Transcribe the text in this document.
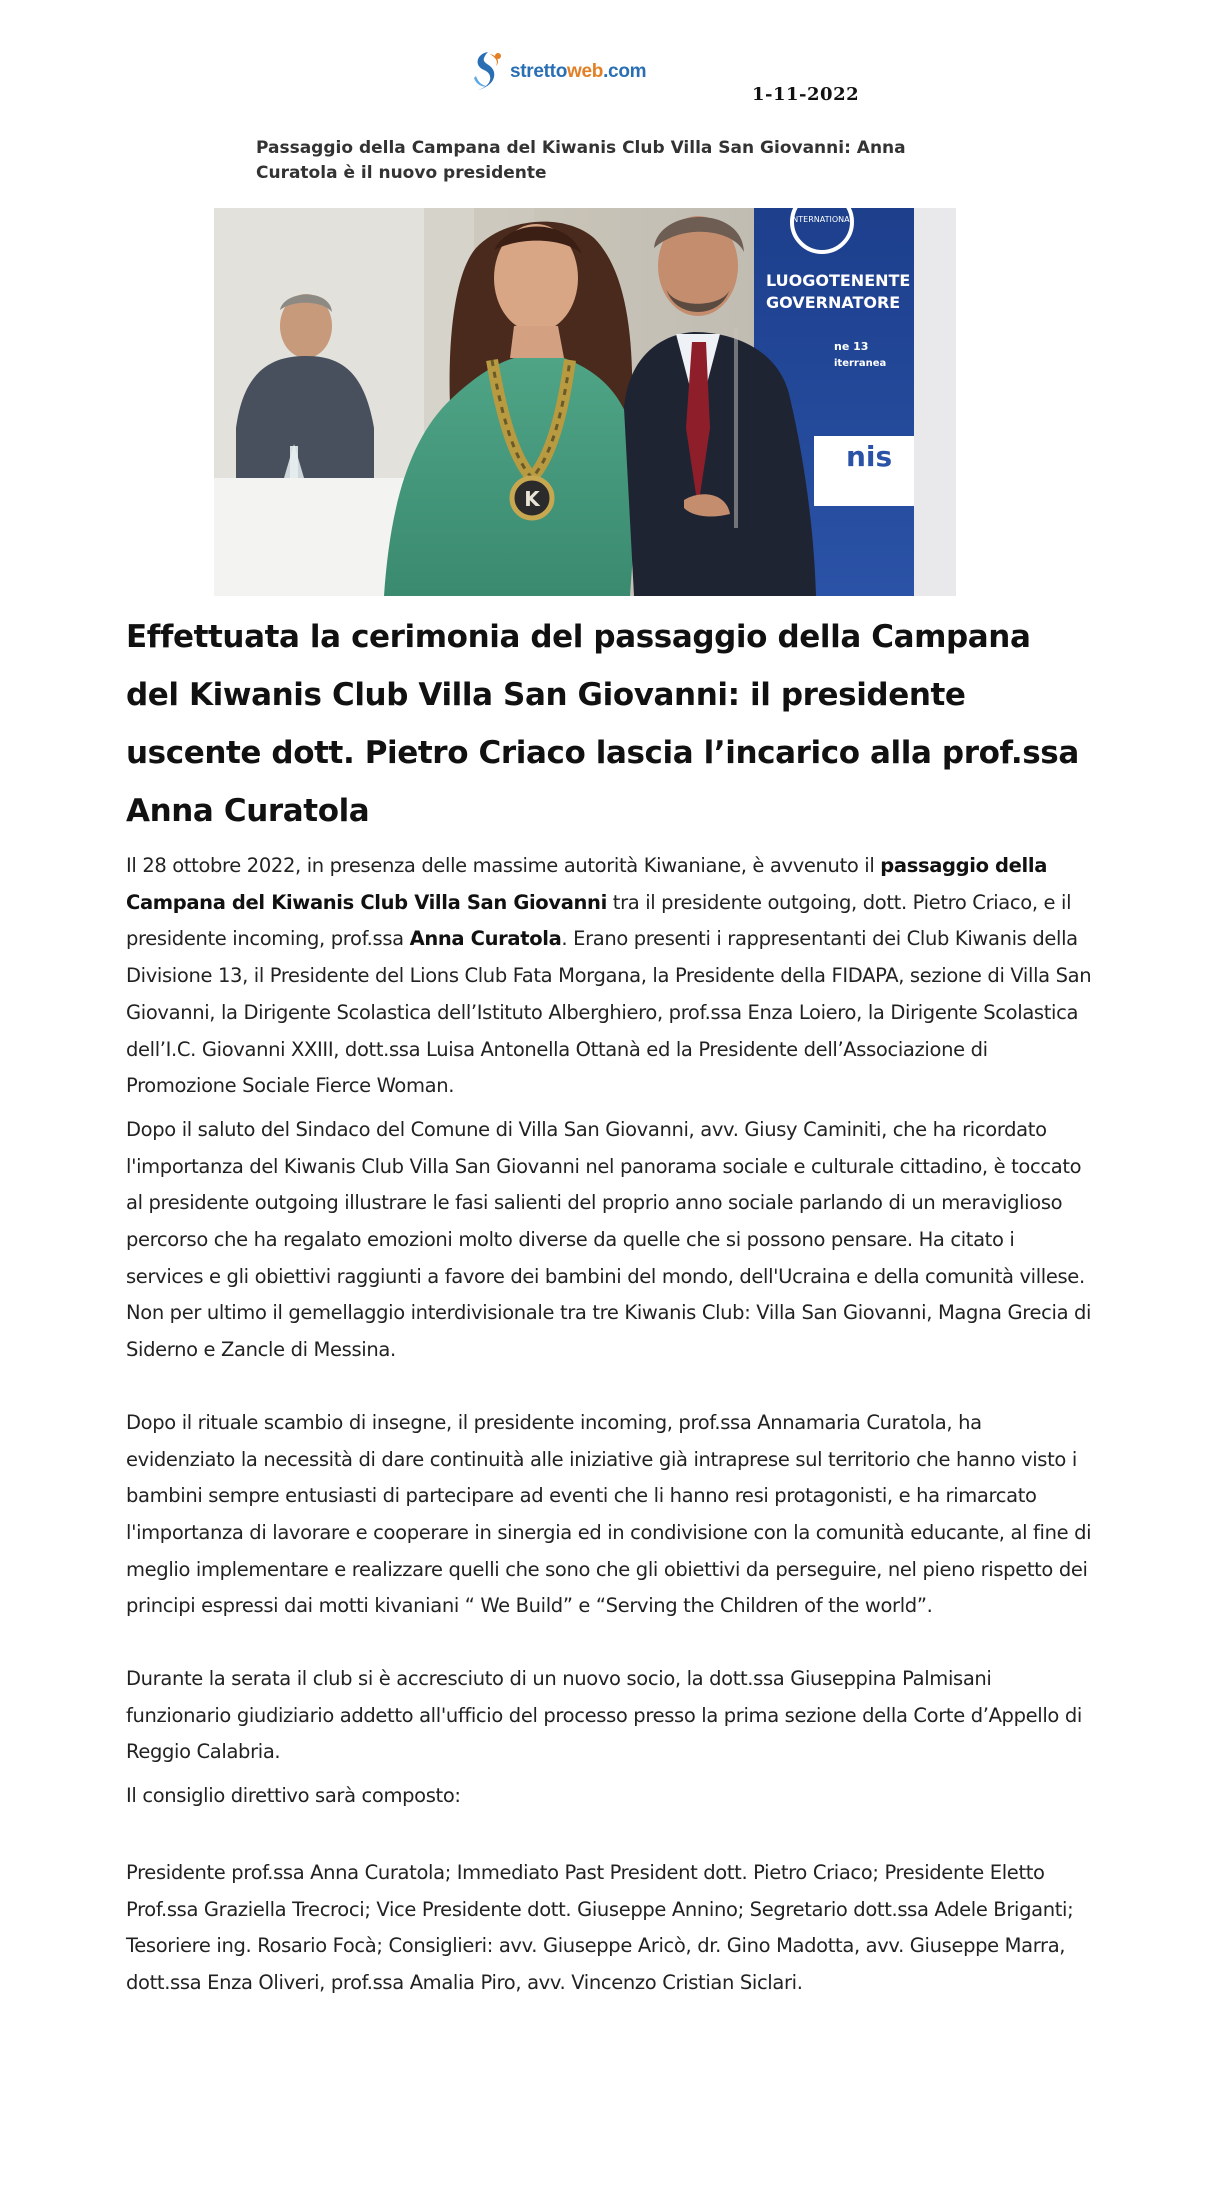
strettoweb.com
1-11-2022
Passaggio della Campana del Kiwanis Club Villa San Giovanni: Anna Curatola è il nuovo presidente
INTERNATIONAL
LUOGOTENENTE
GOVERNATORE
ne 13
iterranea
nis
K
Effettuata la cerimonia del passaggio della Campana del Kiwanis Club Villa San Giovanni: il presidente uscente dott. Pietro Criaco lascia l’incarico alla prof.ssa Anna Curatola

Il 28 ottobre 2022, in presenza delle massime autorità Kiwaniane, è avvenuto il passaggio della Campana del Kiwanis Club Villa San Giovanni tra il presidente outgoing, dott. Pietro Criaco, e il presidente incoming, prof.ssa Anna Curatola. Erano presenti i rappresentanti dei Club Kiwanis della Divisione 13, il Presidente del Lions Club Fata Morgana, la Presidente della FIDAPA, sezione di Villa San Giovanni, la Dirigente Scolastica dell’Istituto Alberghiero, prof.ssa Enza Loiero, la Dirigente Scolastica dell’I.C. Giovanni XXIII, dott.ssa Luisa Antonella Ottanà ed la Presidente dell’Associazione di Promozione Sociale Fierce Woman.

Dopo il saluto del Sindaco del Comune di Villa San Giovanni, avv. Giusy Caminiti, che ha ricordato l'importanza del Kiwanis Club Villa San Giovanni nel panorama sociale e culturale cittadino, è toccato al presidente outgoing illustrare le fasi salienti del proprio anno sociale parlando di un meraviglioso percorso che ha regalato emozioni molto diverse da quelle che si possono pensare. Ha citato i services e gli obiettivi raggiunti a favore dei bambini del mondo, dell'Ucraina e della comunità villese. Non per ultimo il gemellaggio interdivisionale tra tre Kiwanis Club: Villa San Giovanni, Magna Grecia di Siderno e Zancle di Messina.

Dopo il rituale scambio di insegne, il presidente incoming, prof.ssa Annamaria Curatola, ha evidenziato la necessità di dare continuità alle iniziative già intraprese sul territorio che hanno visto i bambini sempre entusiasti di partecipare ad eventi che li hanno resi protagonisti, e ha rimarcato l'importanza di lavorare e cooperare in sinergia ed in condivisione con la comunità educante, al fine di meglio implementare e realizzare quelli che sono che gli obiettivi da perseguire, nel pieno rispetto dei principi espressi dai motti kivaniani “ We Build” e “Serving the Children of the world”.

Durante la serata il club si è accresciuto di un nuovo socio, la dott.ssa Giuseppina Palmisani funzionario giudiziario addetto all'ufficio del processo presso la prima sezione della Corte d’Appello di Reggio Calabria.

Il consiglio direttivo sarà composto:

Presidente prof.ssa Anna Curatola; Immediato Past President dott. Pietro Criaco; Presidente Eletto Prof.ssa Graziella Trecroci; Vice Presidente dott. Giuseppe Annino; Segretario dott.ssa Adele Briganti; Tesoriere ing. Rosario Focà; Consiglieri: avv. Giuseppe Aricò, dr. Gino Madotta, avv. Giuseppe Marra, dott.ssa Enza Oliveri, prof.ssa Amalia Piro, avv. Vincenzo Cristian Siclari.
